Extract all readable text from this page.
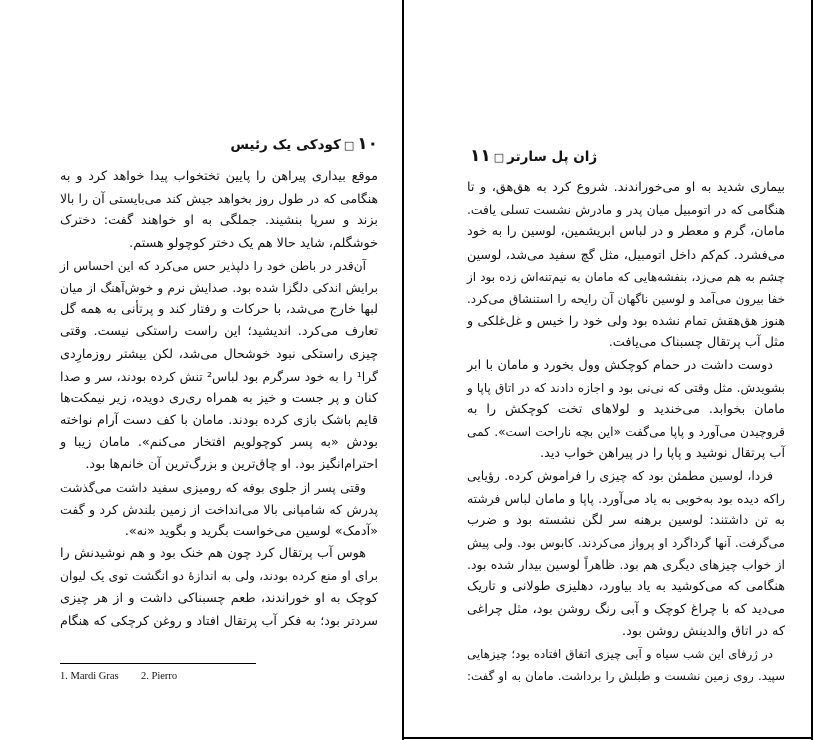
۱۰□کودکی یک رئیس
موقع بیداری پیراهن را پایین تختخواب پیدا خواهد کرد و به
هنگامی که در طول روز بخواهد جیش کند می‌بایستی آن را بالا
بزند و سرپا بنشیند. جملگی به او خواهند گفت: دخترک
خوشگلم، شاید حالا هم یک دختر کوچولو هستم.
آن‌قدر در باطن خود را دلپذیر حس می‌کرد که این احساس از
برایش اندکی دلگزا شده بود. صدایش نرم و خوش‌آهنگ از میان
لبها خارج می‌شد، با حرکات و رفتار کند و پرتأنی به همه گل
تعارف می‌کرد. اندیشید؛ این راست راستکی نیست. وقتی
چیزی راستکی نبود خوشحال می‌شد، لکن بیشتر روزمارِدی
گرا¹ را به خود سرگرم بود لباس² تنش کرده بودند، سر و صدا
کنان و پر جست و خیز به همراه ری‌ری دویده، زیر نیمکت‌ها
قایم باشک بازی کرده بودند. مامان با کف دست آرام نواخته
بودش «به پسر کوچولویم افتخار می‌کنم». مامان زیبا و
احترام‌انگیز بود. او چاق‌ترین و بزرگ‌ترین آن خانم‌ها بود.
وقتی پسر از جلوی بوفه که رومیزی سفید داشت می‌گذشت
پدرش که شامپانی بالا می‌انداخت از زمین بلندش کرد و گفت
«آدمک» لوسین می‌خواست بگرید و بگوید «نه».
هوس آب پرتقال کرد چون هم خنک بود و هم نوشیدنش را
برای او منع کرده بودند، ولی به اندازهٔ دو انگشت توی یک لیوان
کوچک به او خوراندند، طعم چسبناکی داشت و از هر چیزی
سردتر بود؛ به فکر آب پرتقال افتاد و روغن کرچکی که هنگام
1. Mardi Gras 2. Pierro
ژان پل سارتر□۱۱
بیماری شدید به او می‌خوراندند. شروع کرد به هق‌هق، و تا
هنگامی که در اتومبیل میان پدر و مادرش نشست تسلی یافت.
مامان، گرم و معطر و در لباس ابریشمین، لوسین را به خود
می‌فشرد. کم‌کم داخل اتومبیل، مثل گچ سفید می‌شد، لوسین
چشم به هم می‌زد، بنفشه‌هایی که مامان به نیم‌تنه‌اش زده بود از
خفا بیرون می‌آمد و لوسین ناگهان آن رایحه را استنشاق می‌کرد.
هنوز هق‌هقش تمام نشده بود ولی خود را خیس و غل‌غلکی و
مثل آب پرتقال چسبناک می‌یافت.
دوست داشت در حمام کوچکش وول بخورد و مامان با ابر
بشویدش. مثل وقتی که نی‌نی بود و اجازه دادند که در اتاق پاپا و
مامان بخوابد. می‌خندید و لولاهای تخت کوچکش را به
قروچیدن می‌آورد و پاپا می‌گفت «این بچه ناراحت است». کمی
آب پرتقال نوشید و پاپا را در پیراهن خواب دید.
فردا، لوسین مطمئن بود که چیزی را فراموش کرده. رؤیایی
راکه دیده بود به‌خوبی به یاد می‌آورد. پاپا و مامان لباس فرشته
به تن داشتند: لوسین برهنه سر لگن نشسته بود و ضرب
می‌گرفت. آنها گرداگرد او پرواز می‌کردند. کابوس بود. ولی پیش
از خواب چیزهای دیگری هم بود. ظاهراً لوسین بیدار شده بود.
هنگامی که می‌کوشید به یاد بیاورد، دهلیزی طولانی و تاریک
می‌دید که با چراغ کوچک و آبی رنگ روشن بود، مثل چراغی
که در اتاق والدینش روشن بود.
در ژرفای این شب سیاه و آبی چیزی اتفاق افتاده بود؛ چیزهایی
سپید. روی زمین نشست و طبلش را برداشت. مامان به او گفت:
